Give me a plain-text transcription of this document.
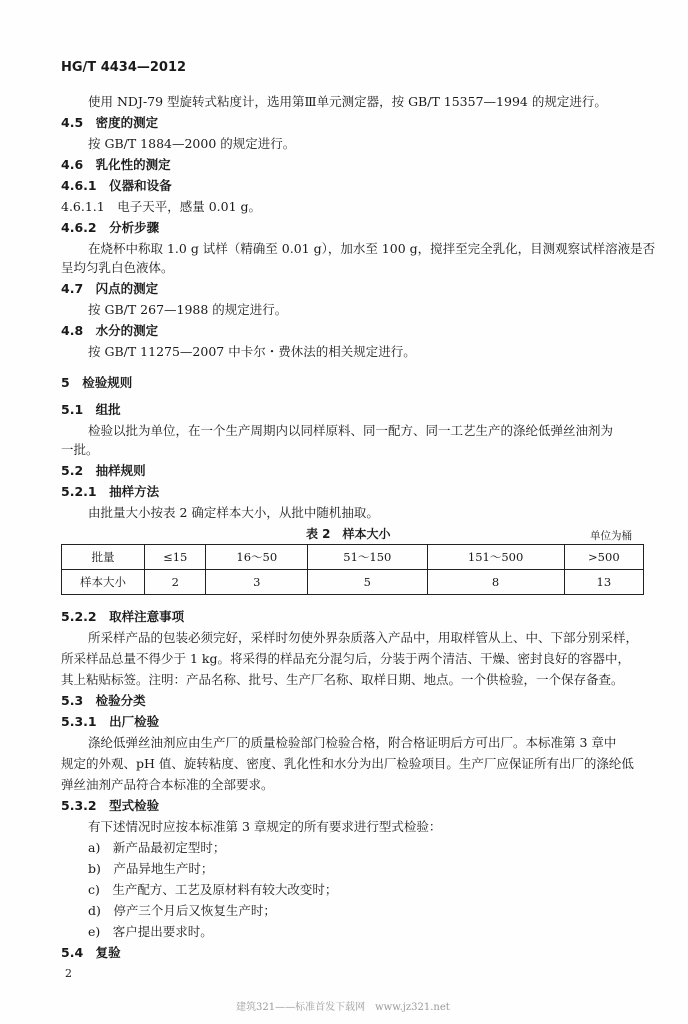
HG/T 4434—2012
使用 NDJ-79 型旋转式粘度计，选用第Ⅲ单元测定器，按 GB/T 15357—1994 的规定进行。
4.5　密度的测定
按 GB/T 1884—2000 的规定进行。
4.6　乳化性的测定
4.6.1　仪器和设备
4.6.1.1　电子天平，感量 0.01 g。
4.6.2　分析步骤
在烧杯中称取 1.0 g 试样（精确至 0.01 g），加水至 100 g，搅拌至完全乳化，目测观察试样溶液是否
呈均匀乳白色液体。
4.7　闪点的测定
按 GB/T 267—1988 的规定进行。
4.8　水分的测定
按 GB/T 11275—2007 中卡尔・费休法的相关规定进行。
5　检验规则
5.1　组批
检验以批为单位，在一个生产周期内以同样原料、同一配方、同一工艺生产的涤纶低弹丝油剂为
一批。
5.2　抽样规则
5.2.1　抽样方法
由批量大小按表 2 确定样本大小，从批中随机抽取。
表 2　样本大小	单位为桶
批量	≤15	16～50	51～150	151～500	>500
样本大小	2	3	5	8	13
5.2.2　取样注意事项
所采样产品的包装必须完好，采样时勿使外界杂质落入产品中，用取样管从上、中、下部分别采样，
所采样品总量不得少于 1 kg。将采得的样品充分混匀后，分装于两个清洁、干燥、密封良好的容器中，
其上粘贴标签。注明：产品名称、批号、生产厂名称、取样日期、地点。一个供检验，一个保存备查。
5.3　检验分类
5.3.1　出厂检验
涤纶低弹丝油剂应由生产厂的质量检验部门检验合格，附合格证明后方可出厂。本标准第 3 章中
规定的外观、pH 值、旋转粘度、密度、乳化性和水分为出厂检验项目。生产厂应保证所有出厂的涤纶低
弹丝油剂产品符合本标准的全部要求。
5.3.2　型式检验
有下述情况时应按本标准第 3 章规定的所有要求进行型式检验：
a)　新产品最初定型时；
b)　产品异地生产时；
c)　生产配方、工艺及原材料有较大改变时；
d)　停产三个月后又恢复生产时；
e)　客户提出要求时。
5.4　复验
2
建筑321——标准首发下载网　www.jz321.net
